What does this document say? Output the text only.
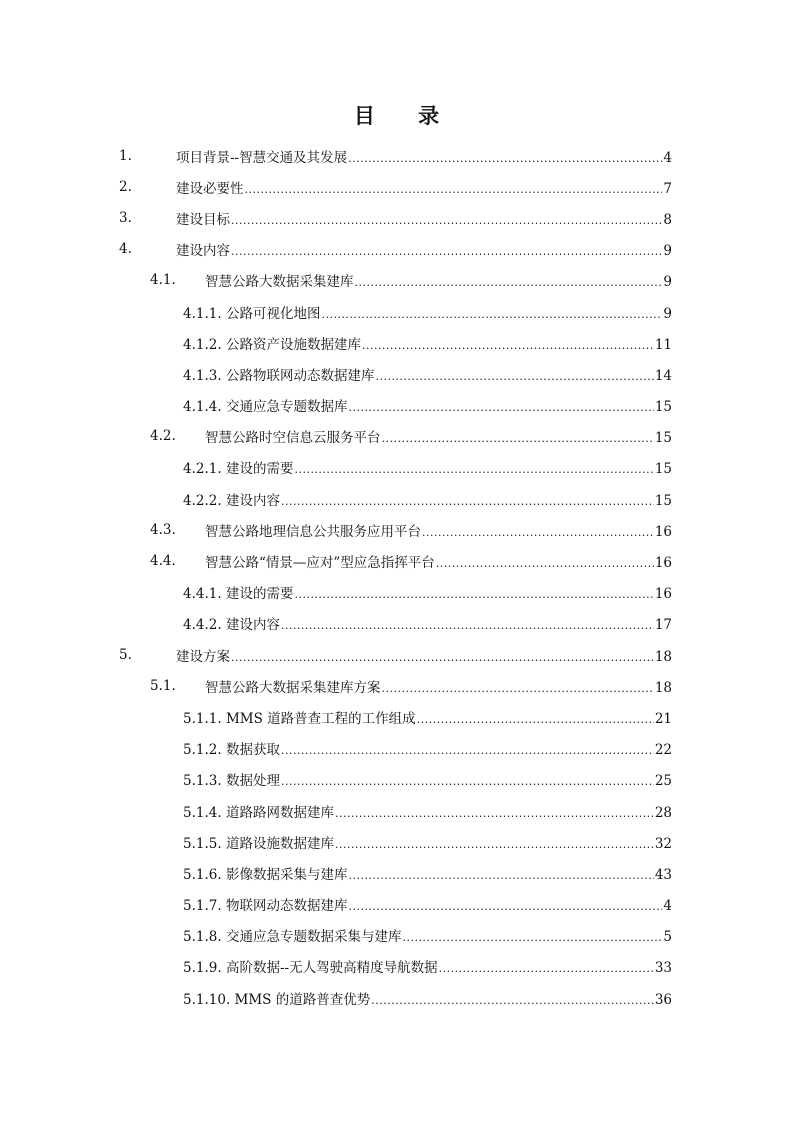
目 录
1.	项目背景--智慧交通及其发展 .....	4
2.	建设必要性 .....	7
3.	建设目标 .....	8
4.	建设内容 .....	9
4.1. 智慧公路大数据采集建库 .....	9
4.1.1. 公路可视化地图 .....	9
4.1.2. 公路资产设施数据建库 .....	11
4.1.3. 公路物联网动态数据建库 .....	14
4.1.4. 交通应急专题数据库 .....	15
4.2. 智慧公路时空信息云服务平台 .....	15
4.2.1. 建设的需要 .....	15
4.2.2. 建设内容 .....	15
4.3. 智慧公路地理信息公共服务应用平台 .....	16
4.4. 智慧公路“情景—应对”型应急指挥平台 .....	16
4.4.1. 建设的需要 .....	16
4.4.2. 建设内容 .....	17
5.	建设方案 .....	18
5.1. 智慧公路大数据采集建库方案 .....	18
5.1.1. MMS 道路普查工程的工作组成 .....	21
5.1.2. 数据获取 .....	22
5.1.3. 数据处理 .....	25
5.1.4. 道路路网数据建库 .....	28
5.1.5. 道路设施数据建库 .....	32
5.1.6. 影像数据采集与建库 .....	43
5.1.7. 物联网动态数据建库 .....	4
5.1.8. 交通应急专题数据采集与建库 .....	5
5.1.9. 高阶数据--无人驾驶高精度导航数据 .....	33
5.1.10. MMS 的道路普查优势 .....	36
